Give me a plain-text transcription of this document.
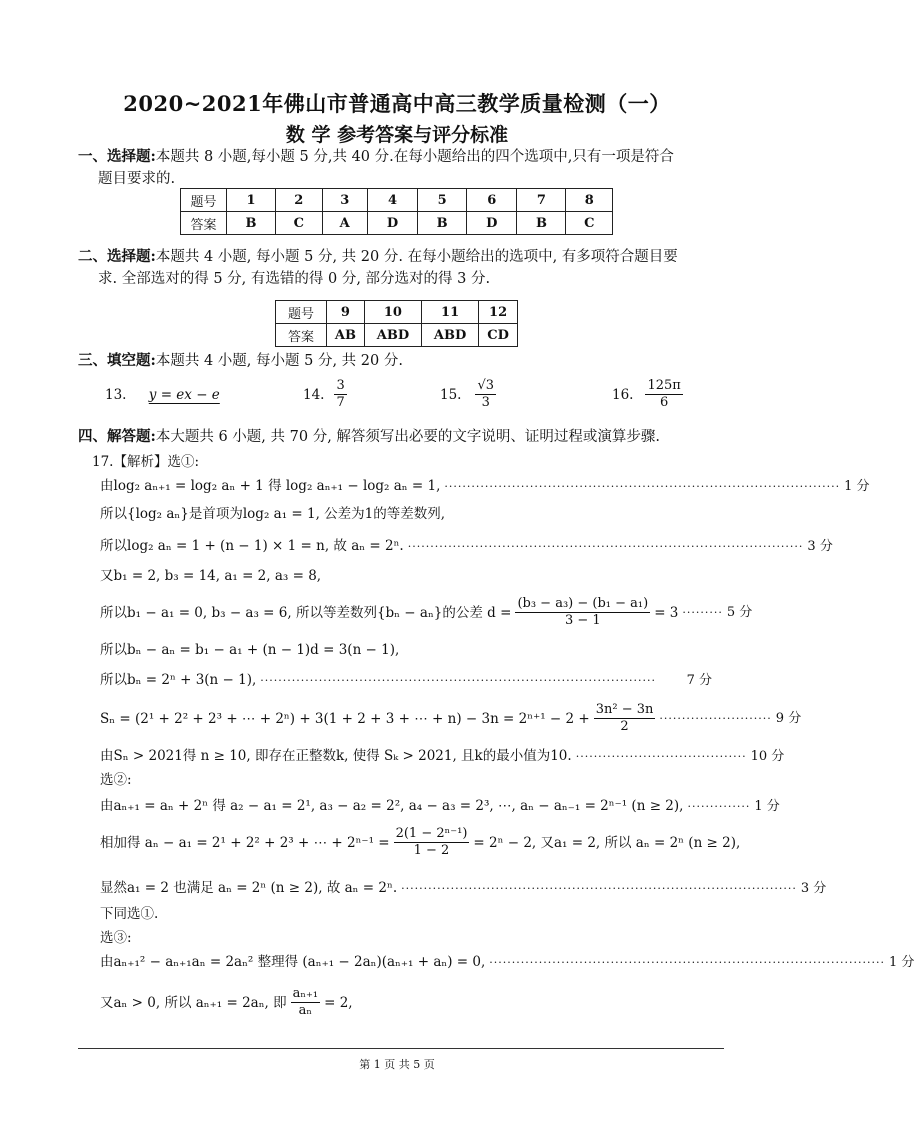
2020~2021年佛山市普通高中高三教学质量检测（一）
数 学 参考答案与评分标准
一、选择题:本题共 8 小题,每小题 5 分,共 40 分.在每小题给出的四个选项中,只有一项是符合
题目要求的.
题号	1	2	3	4	5	6	7	8
答案	B	C	A	D	B	D	B	C
二、选择题:本题共 4 小题, 每小题 5 分, 共 20 分. 在每小题给出的选项中, 有多项符合题目要
求. 全部选对的得 5 分, 有选错的得 0 分, 部分选对的得 3 分.
题号	9	10	11	12
答案	AB	ABD	ABD	CD
三、填空题:本题共 4 小题, 每小题 5 分, 共 20 分.
13. y = ex − e	14. $\frac{3}{7}$	15. $\frac{√3}{3}$	16. $\frac{125\pi}{6}$
四、解答题:本大题共 6 小题, 共 70 分, 解答须写出必要的文字说明、证明过程或演算步骤.
17.【解析】选①:
由log₂ aₙ₊₁ = log₂ aₙ + 1 得 log₂ aₙ₊₁ − log₂ aₙ = 1, ························································································ 1 分
所以{log₂ aₙ}是首项为log₂ a₁ = 1, 公差为1的等差数列,
所以log₂ aₙ = 1 + (n − 1) × 1 = n, 故 aₙ = 2ⁿ. ························································································ 3 分
又b₁ = 2, b₃ = 14, a₁ = 2, a₃ = 8,
所以b₁ − a₁ = 0, b₃ − a₃ = 6, 所以等差数列{bₙ − aₙ}的公差 $d = \frac{\text{(b₃ − a₃) − (b₁ − a₁)}}{3 - 1} = 3$ ········· 5 分
所以bₙ − aₙ = b₁ − a₁ + (n − 1)d = 3(n − 1),
所以bₙ = 2ⁿ + 3(n − 1), ························································································	7 分
Sₙ = (2¹ + 2² + 2³ + ⋯ + 2ⁿ) + 3(1 + 2 + 3 + ⋯ + $n) - 3n = 2^{n+1} - 2 + \frac{\text{3n² − 3n}}{2}$ ························· 9 分
由Sₙ > 2021得 n ≥ 10, 即存在正整数k, 使得 Sₖ > 2021, 且k的最小值为10. ······································ 10 分
选②:
由aₙ₊₁ = aₙ + 2ⁿ 得 a₂ − a₁ = 2¹, a₃ − a₂ = 2², a₄ − a₃ = 2³, ⋯, aₙ − aₙ₋₁ = 2ⁿ⁻¹ (n ≥ 2), ·············· 1 分
相加得 aₙ − a₁ = 2¹ + 2² + 2³ + ⋯ + $2^{n-1} = \frac{\text{2(1 − 2ⁿ⁻¹)}}{1 - 2} = 2^n - 2$, 又a₁ = 2, 所以 aₙ = 2ⁿ (n ≥ 2),
显然a₁ = 2 也满足 aₙ = 2ⁿ (n ≥ 2), 故 aₙ = 2ⁿ. ························································································ 3 分
下同选①.
选③:
由aₙ₊₁² − aₙ₊₁aₙ = 2aₙ² 整理得 (aₙ₊₁ − 2aₙ)(aₙ₊₁ + aₙ) = 0, ························································································ 1 分
又aₙ > 0, 所以 aₙ₊₁ = 2aₙ, 即 $\frac{\text{aₙ₊₁}}{\text{aₙ}} = 2$,
第 1 页 共 5 页
